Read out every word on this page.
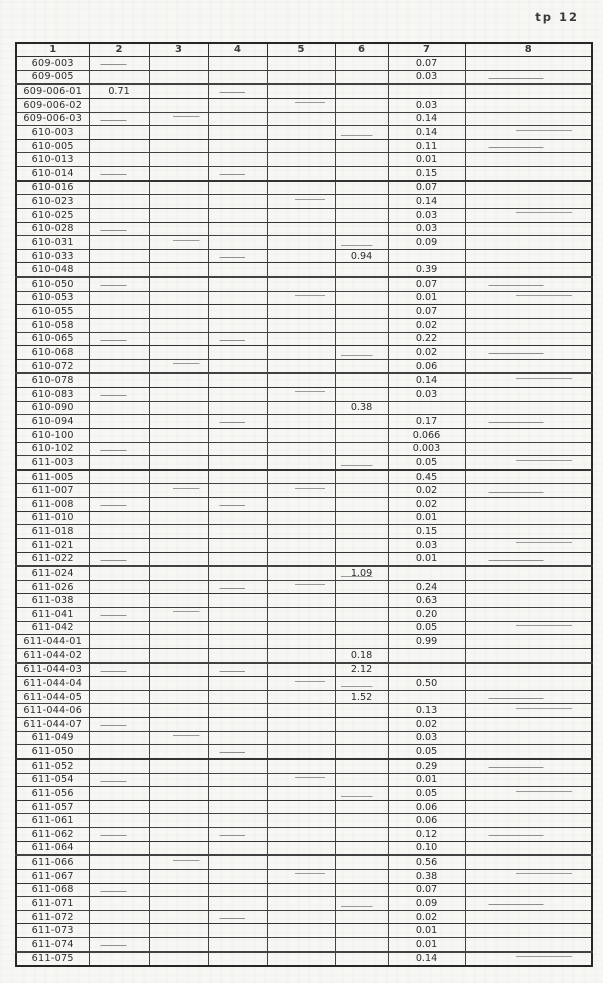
tp 12
1	2	3	4	5	6	7	8
609-003						0.07	
609-005						0.03	
609-006-01	0.71						
609-006-02						0.03	
609-006-03						0.14	
610-003						0.14	
610-005						0.11	
610-013						0.01	
610-014						0.15	
610-016						0.07	
610-023						0.14	
610-025						0.03	
610-028						0.03	
610-031						0.09	
610-033					0.94		
610-048						0.39	
610-050						0.07	
610-053						0.01	
610-055						0.07	
610-058						0.02	
610-065						0.22	
610-068						0.02	
610-072						0.06	
610-078						0.14	
610-083						0.03	
610-090					0.38		
610-094						0.17	
610-100						0.066	
610-102						0.003	
611-003						0.05	
611-005						0.45	
611-007						0.02	
611-008						0.02	
611-010						0.01	
611-018						0.15	
611-021						0.03	
611-022						0.01	
611-024					1.09		
611-026						0.24	
611-038						0.63	
611-041						0.20	
611-042						0.05	
611-044-01						0.99	
611-044-02					0.18		
611-044-03					2.12		
611-044-04						0.50	
611-044-05					1.52		
611-044-06						0.13	
611-044-07						0.02	
611-049						0.03	
611-050						0.05	
611-052						0.29	
611-054						0.01	
611-056						0.05	
611-057						0.06	
611-061						0.06	
611-062						0.12	
611-064						0.10	
611-066						0.56	
611-067						0.38	
611-068						0.07	
611-071						0.09	
611-072						0.02	
611-073						0.01	
611-074						0.01	
611-075						0.14	
